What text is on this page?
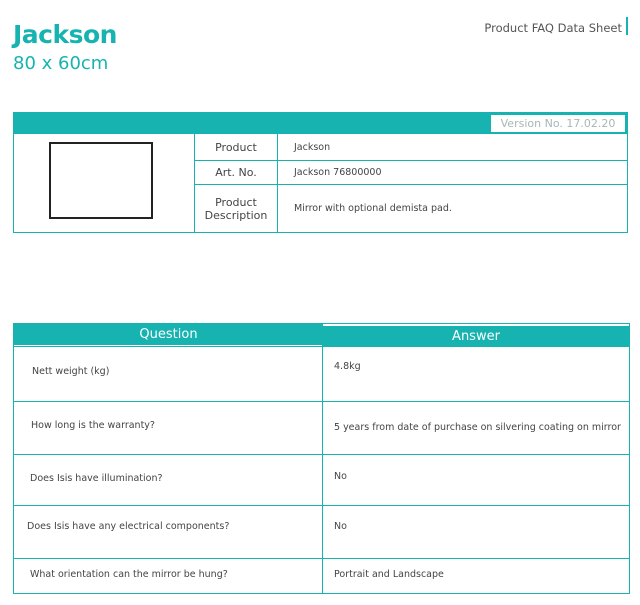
Jackson
80 x 60cm
Product FAQ Data Sheet
Version No. 17.02.20
Product	Jackson
Art. No.	Jackson 76800000
Product Description	Mirror with optional demista pad.
Question	Answer
Nett weight (kg)	4.8kg
How long is the warranty?	5 years from date of purchase on silvering coating on mirror
Does Isis have illumination?	No
Does Isis have any electrical components?	No
What orientation can the mirror be hung?	Portrait and Landscape
